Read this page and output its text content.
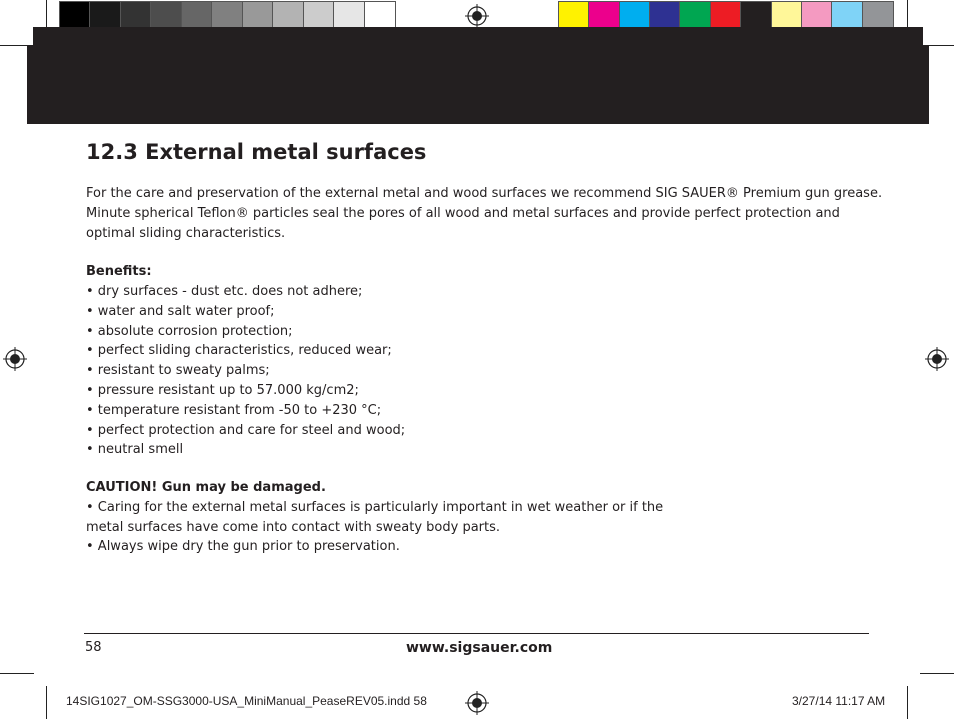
12.3 External metal surfaces
For the care and preservation of the external metal and wood surfaces we recommend SIG SAUER® Premium gun grease.
Minute spherical Teflon® particles seal the pores of all wood and metal surfaces and provide perfect protection and
optimal sliding characteristics.
Benefits:
• dry surfaces - dust etc. does not adhere;
• water and salt water proof;
• absolute corrosion protection;
• perfect sliding characteristics, reduced wear;
• resistant to sweaty palms;
• pressure resistant up to 57.000 kg/cm2;
• temperature resistant from -50 to +230 °C;
• perfect protection and care for steel and wood;
• neutral smell
CAUTION! Gun may be damaged.
• Caring for the external metal surfaces is particularly important in wet weather or if the
metal surfaces have come into contact with sweaty body parts.
• Always wipe dry the gun prior to preservation.
58	www.sigsauer.com
14SIG1027_OM-SSG3000-USA_MiniManual_PeaseREV05.indd 58	3/27/14 11:17 AM
